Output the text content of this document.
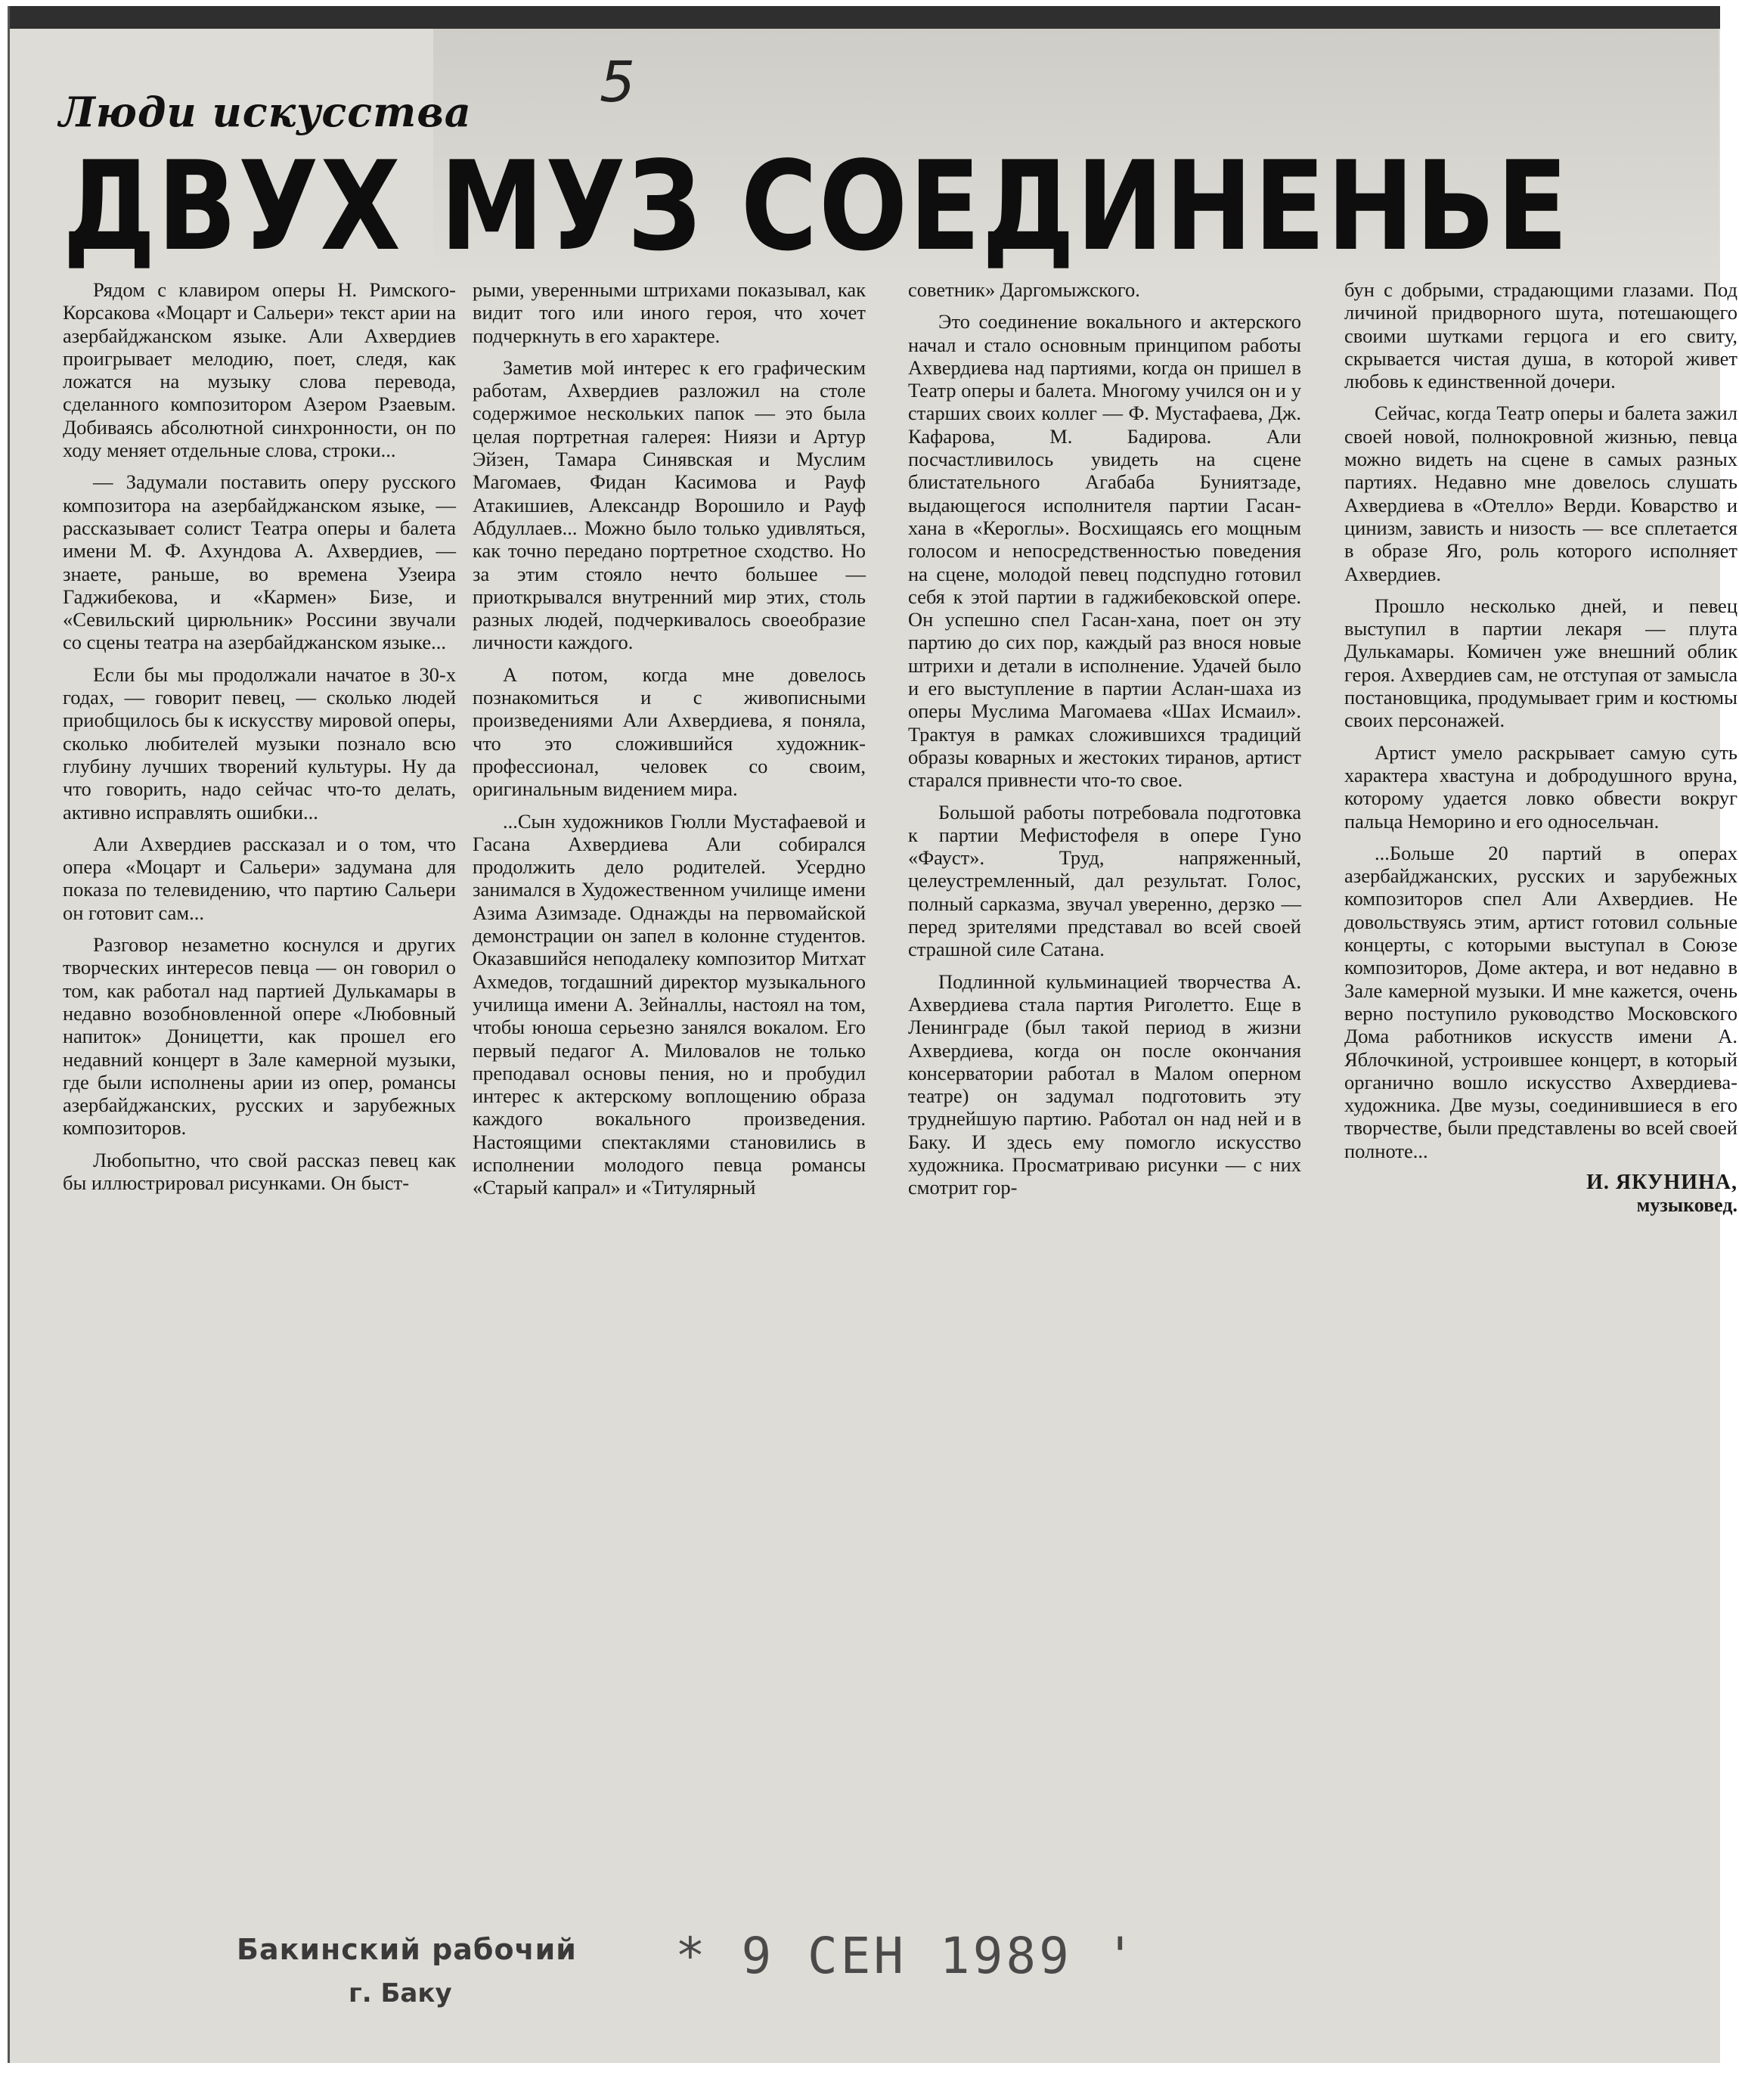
Люди искусства 5
ДВУХ МУЗ СОЕДИНЕНЬЕ

Рядом с клавиром оперы Н. Римского-Корсакова «Моцарт и Сальери» текст арии на азербайджанском языке. Али Ахвердиев проигрывает мелодию, поет, следя, как ложатся на музыку слова перевода, сделанного композитором Азером Рзаевым. Добиваясь абсолютной синхронности, он по ходу меняет отдельные слова, строки...

— Задумали поставить оперу русского композитора на азербайджанском языке, — рассказывает солист Театра оперы и балета имени М. Ф. Ахундова А. Ахвердиев, — знаете, раньше, во времена Узеира Гаджибекова, и «Кармен» Бизе, и «Севильский цирюльник» Россини звучали со сцены театра на азербайджанском языке...

Если бы мы продолжали начатое в 30-х годах, — говорит певец, — сколько людей приобщилось бы к искусству мировой оперы, сколько любителей музыки познало всю глубину лучших творений культуры. Ну да что говорить, надо сейчас что-то делать, активно исправлять ошибки...

Али Ахвердиев рассказал и о том, что опера «Моцарт и Сальери» задумана для показа по телевидению, что партию Сальери он готовит сам...

Разговор незаметно коснулся и других творческих интересов певца — он говорил о том, как работал над партией Дулькамары в недавно возобновленной опере «Любовный напиток» Доницетти, как прошел его недавний концерт в Зале камерной музыки, где были исполнены арии из опер, романсы азербайджанских, русских и зарубежных композиторов.

Любопытно, что свой рассказ певец как бы иллюстрировал рисунками. Он быст-

рыми, уверенными штрихами показывал, как видит того или иного героя, что хочет подчеркнуть в его характере.

Заметив мой интерес к его графическим работам, Ахвердиев разложил на столе содержимое нескольких папок — это была целая портретная галерея: Ниязи и Артур Эйзен, Тамара Синявская и Муслим Магомаев, Фидан Касимова и Рауф Атакишиев, Александр Ворошило и Рауф Абдуллаев... Можно было только удивляться, как точно передано портретное сходство. Но за этим стояло нечто большее — приоткрывался внутренний мир этих, столь разных людей, подчеркивалось своеобразие личности каждого.

А потом, когда мне довелось познакомиться и с живописными произведениями Али Ахвердиева, я поняла, что это сложившийся художник-профессионал, человек со своим, оригинальным видением мира.

...Сын художников Гюлли Мустафаевой и Гасана Ахвердиева Али собирался продолжить дело родителей. Усердно занимался в Художественном училище имени Азима Азимзаде. Однажды на первомайской демонстрации он запел в колонне студентов. Оказавшийся неподалеку композитор Митхат Ахмедов, тогдашний директор музыкального училища имени А. Зейналлы, настоял на том, чтобы юноша серьезно занялся вокалом. Его первый педагог А. Миловалов не только преподавал основы пения, но и пробудил интерес к актерскому воплощению образа каждого вокального произведения. Настоящими спектаклями становились в исполнении молодого певца романсы «Старый капрал» и «Титулярный

советник» Даргомыжского.

Это соединение вокального и актерского начал и стало основным принципом работы Ахвердиева над партиями, когда он пришел в Театр оперы и балета. Многому учился он и у старших своих коллег — Ф. Мустафаева, Дж. Кафарова, М. Бадирова. Али посчастливилось увидеть на сцене блистательного Агабаба Буниятзаде, выдающегося исполнителя партии Гасан-хана в «Кероглы». Восхищаясь его мощным голосом и непосредственностью поведения на сцене, молодой певец подспудно готовил себя к этой партии в гаджибековской опере. Он успешно спел Гасан-хана, поет он эту партию до сих пор, каждый раз внося новые штрихи и детали в исполнение. Удачей было и его выступление в партии Аслан-шаха из оперы Муслима Магомаева «Шах Исмаил». Трактуя в рамках сложившихся традиций образы коварных и жестоких тиранов, артист старался привнести что-то свое.

Большой работы потребовала подготовка к партии Мефистофеля в опере Гуно «Фауст». Труд, напряженный, целеустремленный, дал результат. Голос, полный сарказма, звучал уверенно, дерзко — перед зрителями представал во всей своей страшной силе Сатана.

Подлинной кульминацией творчества А. Ахвердиева стала партия Риголетто. Еще в Ленинграде (был такой период в жизни Ахвердиева, когда он после окончания консерватории работал в Малом оперном театре) он задумал подготовить эту труднейшую партию. Работал он над ней и в Баку. И здесь ему помогло искусство художника. Просматриваю рисунки — с них смотрит гор-

бун с добрыми, страдающими глазами. Под личиной придворного шута, потешающего своими шутками герцога и его свиту, скрывается чистая душа, в которой живет любовь к единственной дочери.

Сейчас, когда Театр оперы и балета зажил своей новой, полнокровной жизнью, певца можно видеть на сцене в самых разных партиях. Недавно мне довелось слушать Ахвердиева в «Отелло» Верди. Коварство и цинизм, зависть и низость — все сплетается в образе Яго, роль которого исполняет Ахвердиев.

Прошло несколько дней, и певец выступил в партии лекаря — плута Дулькамары. Комичен уже внешний облик героя. Ахвердиев сам, не отступая от замысла постановщика, продумывает грим и костюмы своих персонажей.

Артист умело раскрывает самую суть характера хвастуна и добродушного вруна, которому удается ловко обвести вокруг пальца Неморино и его односельчан.

...Больше 20 партий в операх азербайджанских, русских и зарубежных композиторов спел Али Ахвердиев. Не довольствуясь этим, артист готовил сольные концерты, с которыми выступал в Союзе композиторов, Доме актера, и вот недавно в Зале камерной музыки. И мне кажется, очень верно поступило руководство Московского Дома работников искусств имени А. Яблочкиной, устроившее концерт, в который органично вошло искусство Ахвердиева-художника. Две музы, соединившиеся в его творчестве, были представлены во всей своей полноте...

И. ЯКУНИНА,
музыковед.
Бакинский рабочий
г. Баку
* 9 СЕН 1989 '
